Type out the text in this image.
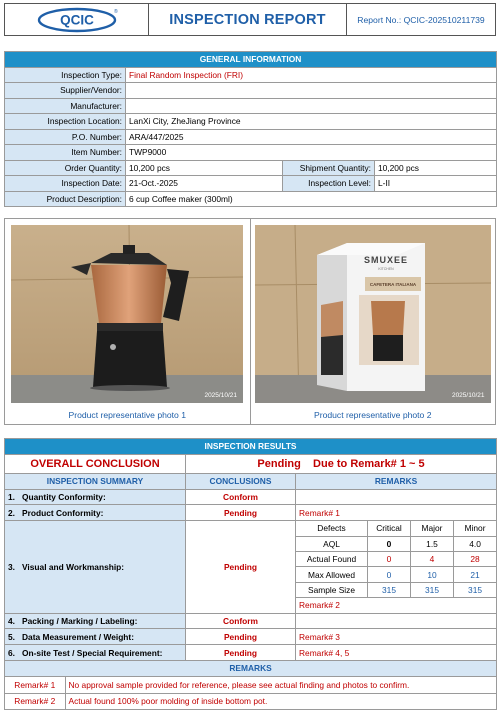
QCIC
®	INSPECTION REPORT	Report No.: QCIC-202510211739
GENERAL INFORMATION			
Inspection Type:	Final Random Inspection (FRI)		
Supplier/Vendor:			
Manufacturer:			
Inspection Location:	LanXi City, ZheJiang Province		
P.O. Number:	ARA/447/2025		
Item Number:	TWP9000		
Order Quantity:	10,200 pcs	Shipment Quantity:	10,200 pcs
Inspection Date:	21-Oct.-2025	Inspection Level:	L-II
Product Description:	6 cup Coffee maker (300ml)		
2025/10/21
Product representative photo 1
SMUXEE
KITCHEN
CAFETERA ITALIANA
2025/10/21
Product representative photo 2
INSPECTION RESULTS
OVERALL CONCLUSION	Pending Due to Remark# 1 ~ 5
INSPECTION SUMMARY	CONCLUSIONS	REMARKS
1. Quantity Conformity:	Conform	
2. Product Conformity:	Pending	Remark# 1
3. Visual and Workmanship:	Pending	Defects	Critical	Major	Minor
AQL	0	1.5	4.0
Actual Found	0	4	28
Max Allowed	0	10	21
Sample Size	315	315	315
Remark# 2
4. Packing / Marking / Labeling:	Conform	
5. Data Measurement / Weight:	Pending	Remark# 3
6. On-site Test / Special Requirement:	Pending	Remark# 4, 5
REMARKS

Remark# 1	No approval sample provided for reference, please see actual finding and photos to confirm.

Remark# 2	Actual found 100% poor molding of inside bottom pot.
